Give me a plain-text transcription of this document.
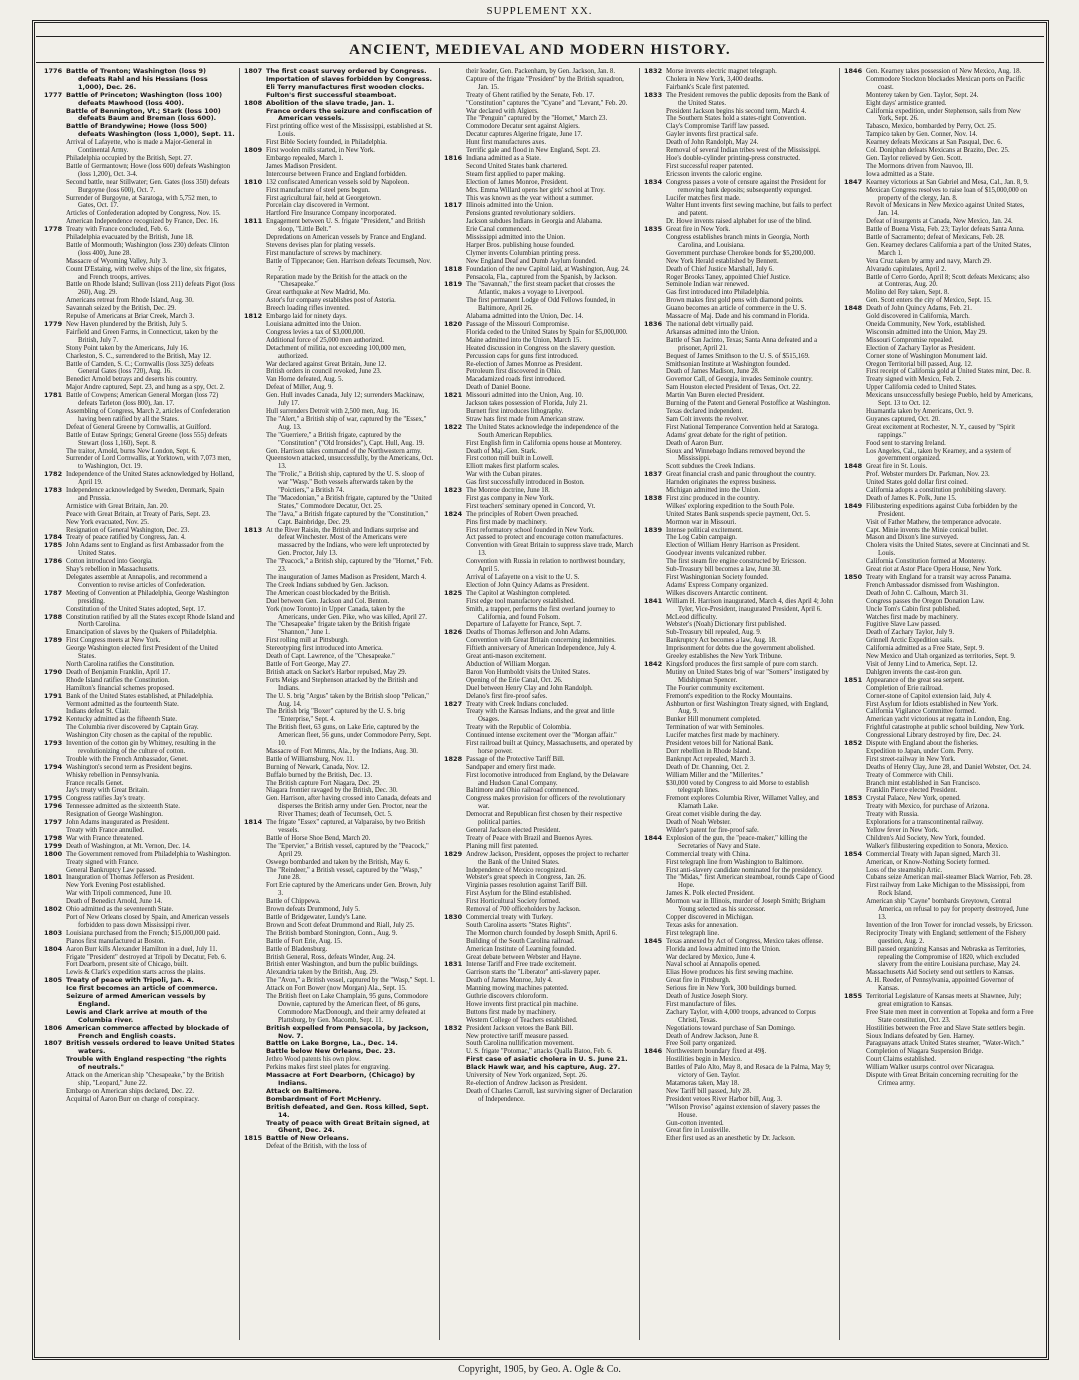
SUPPLEMENT XX.
ANCIENT, MEDIEVAL AND MODERN HISTORY.
1776 Battle of Trenton; Washington (loss 9) defeats Rahl and his Hessians (loss 1,000), Dec. 26.
1777 Battle of Princeton; Washington (loss 100) defeats Mawhood (loss 400).
Battle of Bennington, Vt.; Stark (loss 100) defeats Baum and Breman (loss 600).
Battle of Brandywine; Howe (loss 500) defeats Washington (loss 1,000), Sept. 11.
Arrival of Lafayette, who is made a Major-General in Continental Army.
Philadelphia occupied by the British, Sept. 27.
Battle of Germantown; Howe (loss 600) defeats Washington (loss 1,200), Oct. 3-4.
Second battle, near Stillwater; Gen. Gates (loss 350) defeats Burgoyne (loss 600), Oct. 7.
Surrender of Burgoyne, at Saratoga, with 5,752 men, to Gates, Oct. 17.
Articles of Confederation adopted by Congress, Nov. 15.
American Independence recognized by France, Dec. 16.
1778 Treaty with France concluded, Feb. 6.
Philadelphia evacuated by the British, June 18.
Battle of Monmouth; Washington (loss 230) defeats Clinton (loss 400), June 28.
Massacre of Wyoming Valley, July 3.
Count D'Estaing, with twelve ships of the line, six frigates, and French troops, arrives.
Battle on Rhode Island; Sullivan (loss 211) defeats Pigot (loss 260), Aug. 29.
Americans retreat from Rhode Island, Aug. 30.
Savannah seized by the British, Dec. 29.
Repulse of Americans at Briar Creek, March 3.
1779 New Haven plundered by the British, July 5.
Fairfield and Green Farms, in Connecticut, taken by the British, July 7.
Stony Point taken by the Americans, July 16.
Charleston, S. C., surrendered to the British, May 12.
Battle of Camden, S. C.; Cornwallis (loss 325) defeats General Gates (loss 720), Aug. 16.
Benedict Arnold betrays and deserts his country.
Major Andre captured, Sept. 23, and hung as a spy, Oct. 2.
1781 Battle of Cowpens; American General Morgan (loss 72) defeats Tarleton (loss 800), Jan. 17.
Assembling of Congress, March 2, articles of Confederation having been ratified by all the States.
Defeat of General Greene by Cornwallis, at Guilford.
Battle of Eutaw Springs; General Greene (loss 555) defeats Stewart (loss 1,160), Sept. 8.
The traitor, Arnold, burns New London, Sept. 6.
Surrender of Lord Cornwallis, at Yorktown, with 7,073 men, to Washington, Oct. 19.
1782 Independence of the United States acknowledged by Holland, April 19.
1783 Independence acknowledged by Sweden, Denmark, Spain and Prussia.
Armistice with Great Britain, Jan. 20.
Peace with Great Britain, at Treaty of Paris, Sept. 23.
New York evacuated, Nov. 25.
Resignation of General Washington, Dec. 23.
1784 Treaty of peace ratified by Congress, Jan. 4.
1785 John Adams sent to England as first Ambassador from the United States.
1786 Cotton introduced into Georgia.
Shay's rebellion in Massachusetts.
Delegates assemble at Annapolis, and recommend a Convention to revise articles of Confederation.
1787 Meeting of Convention at Philadelphia, George Washington presiding.
Constitution of the United States adopted, Sept. 17.
1788 Constitution ratified by all the States except Rhode Island and North Carolina.
Emancipation of slaves by the Quakers of Philadelphia.
1789 First Congress meets at New York.
George Washington elected first President of the United States.
North Carolina ratifies the Constitution.
1790 Death of Benjamin Franklin, April 17.
Rhode Island ratifies the Constitution.
Hamilton's financial schemes proposed.
1791 Bank of the United States established, at Philadelphia.
Vermont admitted as the fourteenth State.
Indians defeat St. Clair.
1792 Kentucky admitted as the fifteenth State.
The Columbia river discovered by Captain Gray.
Washington City chosen as the capital of the republic.
1793 Invention of the cotton gin by Whitney, resulting in the revolutionizing of the culture of cotton.
Trouble with the French Ambassador, Genet.
1794 Washington's second term as President begins.
Whisky rebellion in Pennsylvania.
France recalls Genet.
Jay's treaty with Great Britain.
1795 Congress ratifies Jay's treaty.
1796 Tennessee admitted as the sixteenth State.
Resignation of George Washington.
1797 John Adams inaugurated as President.
Treaty with France annulled.
1798 War with France threatened.
1799 Death of Washington, at Mt. Vernon, Dec. 14.
1800 The Government removed from Philadelphia to Washington.
Treaty signed with France.
General Bankruptcy Law passed.
1801 Inauguration of Thomas Jefferson as President.
New York Evening Post established.
War with Tripoli commenced, June 10.
Death of Benedict Arnold, June 14.
1802 Ohio admitted as the seventeenth State.
Port of New Orleans closed by Spain, and American vessels forbidden to pass down Mississippi river.
1803 Louisiana purchased from the French; $15,000,000 paid.
Pianos first manufactured at Boston.
1804 Aaron Burr kills Alexander Hamilton in a duel, July 11.
Frigate "President" destroyed at Tripoli by Decatur, Feb. 6.
Fort Dearborn, present site of Chicago, built.
Lewis & Clark's expedition starts across the plains.
1805 Treaty of peace with Tripoli, Jan. 4.
Ice first becomes an article of commerce.
Seizure of armed American vessels by England.
Lewis and Clark arrive at mouth of the Columbia river.
1806 American commerce affected by blockade of French and English coasts.
1807 British vessels ordered to leave United States waters.
Trouble with England respecting "the rights of neutrals."
Attack on the American ship "Chesapeake," by the British ship, "Leopard," June 22.
Embargo on American ships declared, Dec. 22.
Acquittal of Aaron Burr on charge of conspiracy.
1807 The first coast survey ordered by Congress.
Importation of slaves forbidden by Congress.
Eli Terry manufactures first wooden clocks.
Fulton's first successful steamboat.
1808 Abolition of the slave trade, Jan. 1.
France orders the seizure and confiscation of American vessels.
First printing office west of the Mississippi, established at St. Louis.
First Bible Society founded, in Philadelphia.
1809 First woolen mills started, in New York.
Embargo repealed, March 1.
James Madison President.
Intercourse between France and England forbidden.
1810 132 confiscated American vessels sold by Napoleon.
First manufacture of steel pens begun.
First agricultural fair, held at Georgetown.
Porcelain clay discovered in Vermont.
Hartford Fire Insurance Company incorporated.
1811 Engagement between U. S. frigate "President," and British sloop, "Little Belt."
Depredations on American vessels by France and England.
Stevens devises plan for plating vessels.
First manufacture of screws by machinery.
Battle of Tippecanoe; Gen. Harrison defeats Tecumseh, Nov. 7.
Reparation made by the British for the attack on the "Chesapeake."
Great earthquake at New Madrid, Mo.
Astor's fur company establishes post of Astoria.
Breech loading rifles invented.
1812 Embargo laid for ninety days.
Louisiana admitted into the Union.
Congress levies a tax of $3,000,000.
Additional force of 25,000 men authorized.
Detachment of militia, not exceeding 100,000 men, authorized.
War declared against Great Britain, June 12.
British orders in council revoked, June 23.
Van Horne defeated, Aug. 5.
Defeat of Miller, Aug. 9.
Gen. Hull invades Canada, July 12; surrenders Mackinaw, July 17.
Hull surrenders Detroit with 2,500 men, Aug. 16.
The "Alert," a British ship of war, captured by the "Essex," Aug. 13.
The "Guerriere," a British frigate, captured by the "Constitution" ("Old Ironsides"), Capt. Hull, Aug. 19.
Gen. Harrison takes command of the Northwestern army.
Queenstown attacked, unsuccessfully, by the Americans, Oct. 13.
The "Frolic," a British ship, captured by the U. S. sloop of war "Wasp." Both vessels afterwards taken by the "Poictiers," a British 74.
The "Macedonian," a British frigate, captured by the "United States," Commodore Decatur, Oct. 25.
The "Java," a British frigate captured by the "Constitution," Capt. Bainbridge, Dec. 29.
1813 At the River Raisin, the British and Indians surprise and defeat Winchester. Most of the Americans were massacred by the Indians, who were left unprotected by Gen. Proctor, July 13.
The "Peacock," a British ship, captured by the "Hornet," Feb. 23.
The inauguration of James Madison as President, March 4.
The Creek Indians subdued by Gen. Jackson.
The American coast blockaded by the British.
Duel between Gen. Jackson and Col. Benton.
York (now Toronto) in Upper Canada, taken by the Americans, under Gen. Pike, who was killed, April 27.
The "Chesapeake" frigate taken by the British frigate "Shannon," June 1.
First rolling mill at Pittsburgh.
Stereotyping first introduced into America.
Death of Capt. Lawrence, of the "Chesapeake."
Battle of Fort George, May 27.
British attack on Sacket's Harbor repulsed, May 29.
Forts Meigs and Stephenson attacked by the British and Indians.
The U. S. brig "Argus" taken by the British sloop "Pelican," Aug. 14.
The British brig "Boxer" captured by the U. S. brig "Enterprise," Sept. 4.
The British fleet, 63 guns, on Lake Erie, captured by the American fleet, 56 guns, under Commodore Perry, Sept. 10.
Massacre of Fort Mimms, Ala., by the Indians, Aug. 30.
Battle of Williamsburg, Nov. 11.
Burning of Newark, Canada, Nov. 12.
Buffalo burned by the British, Dec. 13.
The British capture Fort Niagara, Dec. 29.
Niagara frontier ravaged by the British, Dec. 30.
Gen. Harrison, after having crossed into Canada, defeats and disperses the British army under Gen. Proctor, near the River Thames; death of Tecumseh, Oct. 5.
1814 The frigate "Essex" captured, at Valparaiso, by two British vessels.
Battle of Horse Shoe Bend, March 20.
The "Epervier," a British vessel, captured by the "Peacock," April 29.
Oswego bombarded and taken by the British, May 6.
The "Reindeer," a British vessel, captured by the "Wasp," June 28.
Fort Erie captured by the Americans under Gen. Brown, July 3.
Battle of Chippewa.
Brown defeats Drummond, July 5.
Battle of Bridgewater, Lundy's Lane.
Brown and Scott defeat Drummond and Riall, July 25.
The British bombard Stonington, Conn., Aug. 9.
Battle of Fort Erie, Aug. 15.
Battle of Bladensburg.
British General, Ross, defeats Winder, Aug. 24.
British enter Washington, and burn the public buildings.
Alexandria taken by the British, Aug. 29.
The "Avon," a British vessel, captured by the "Wasp," Sept. 1.
Attack on Fort Bower (now Morgan) Ala., Sept. 15.
The British fleet on Lake Champlain, 95 guns, Commodore Downie, captured by the American fleet, of 86 guns, Commodore MacDonough, and their army defeated at Plattsburg, by Gen. Macomb, Sept. 11.
British expelled from Pensacola, by Jackson, Nov. 7.
Battle on Lake Borgne, La., Dec. 14.
Battle below New Orleans, Dec. 23.
Jethro Wood patents his own plow.
Perkins makes first steel plates for engraving.
Massacre at Fort Dearborn, (Chicago) by Indians.
Attack on Baltimore.
Bombardment of Fort McHenry.
British defeated, and Gen. Ross killed, Sept. 14.
Treaty of peace with Great Britain signed, at Ghent, Dec. 24.
1815 Battle of New Orleans.
Defeat of the British, with the loss of
their leader, Gen. Packenham, by Gen. Jackson, Jan. 8.
Capture of the frigate "President" by the British squadron, Jan. 15.
Treaty of Ghent ratified by the Senate, Feb. 17.
"Constitution" captures the "Cyane" and "Levant," Feb. 20.
War declared with Algiers.
The "Penguin" captured by the "Hornet," March 23.
Commodore Decatur sent against Algiers.
Decatur captures Algerine frigate, June 17.
Hunt first manufactures axes.
Terrific gale and flood in New England, Sept. 23.
1816 Indiana admitted as a State.
Second United States bank chartered.
Steam first applied to paper making.
Election of James Monroe, President.
Mrs. Emma Willard opens her girls' school at Troy.
This was known as the year without a summer.
1817 Illinois admitted into the Union.
Pensions granted revolutionary soldiers.
Jackson subdues Indians in Georgia and Alabama.
Erie Canal commenced.
Mississippi admitted into the Union.
Harper Bros. publishing house founded.
Clymer invents Columbian printing press.
New England Deaf and Dumb Asylum founded.
1818 Foundation of the new Capitol laid, at Washington, Aug. 24.
Pensacola, Fla., captured from the Spanish, by Jackson.
1819 The "Savannah," the first steam packet that crosses the Atlantic, makes a voyage to Liverpool.
The first permanent Lodge of Odd Fellows founded, in Baltimore, April 26.
Alabama admitted into the Union, Dec. 14.
1820 Passage of the Missouri Compromise.
Florida ceded to the United States by Spain for $5,000,000.
Maine admitted into the Union, March 15.
Heated discussion in Congress on the slavery question.
Percussion caps for guns first introduced.
Re-election of James Monroe as President.
Petroleum first discovered in Ohio.
Macadamized roads first introduced.
Death of Daniel Boone.
1821 Missouri admitted into the Union, Aug. 10.
Jackson takes possession of Florida, July 21.
Burnett first introduces lithography.
Straw hats first made from American straw.
1822 The United States acknowledge the independence of the South American Republics.
First English firm in California opens house at Monterey.
Death of Maj.-Gen. Stark.
First cotton mill built in Lowell.
Elliott makes first platform scales.
War with the Cuban pirates.
Gas first successfully introduced in Boston.
1823 The Monroe doctrine, June 18.
First gas company in New York.
First teachers' seminary opened in Concord, Vt.
1824 The principles of Robert Owen preached.
Pins first made by machinery.
First reformatory school founded in New York.
Act passed to protect and encourage cotton manufactures.
Convention with Great Britain to suppress slave trade, March 13.
Convention with Russia in relation to northwest boundary, April 5.
Arrival of Lafayette on a visit to the U. S.
Election of John Quincy Adams as President.
1825 The Capitol at Washington completed.
First edge tool manufactory established.
Smith, a trapper, performs the first overland journey to California, and found Folsom.
Departure of Lafayette for France, Sept. 7.
1826 Deaths of Thomas Jefferson and John Adams.
Convention with Great Britain concerning indemnities.
Fiftieth anniversary of American Independence, July 4.
Great anti-mason excitement.
Abduction of William Morgan.
Baron Von Humboldt visits the United States.
Opening of the Erie Canal, Oct. 26.
Duel between Henry Clay and John Randolph.
Delano's first fire-proof safes.
1827 Treaty with Creek Indians concluded.
Treaty with the Kansas Indians, and the great and little Osages.
Treaty with the Republic of Colombia.
Continued intense excitement over the "Morgan affair."
First railroad built at Quincy, Massachusetts, and operated by horse power.
1828 Passage of the Protective Tariff Bill.
Sandpaper and emery first made.
First locomotive introduced from England, by the Delaware and Hudson Canal Company.
Baltimore and Ohio railroad commenced.
Congress makes provision for officers of the revolutionary war.
Democrat and Republican first chosen by their respective political parties.
General Jackson elected President.
Treaty of Peace with Brazil and Buenos Ayres.
Planing mill first patented.
1829 Andrew Jackson, President, opposes the project to recharter the Bank of the United States.
Independence of Mexico recognized.
Webster's great speech in Congress, Jan. 26.
Virginia passes resolution against Tariff Bill.
First Asylum for the Blind established.
First Horticultural Society formed.
Removal of 700 officeholders by Jackson.
1830 Commercial treaty with Turkey.
South Carolina asserts "States Rights".
The Mormon church founded by Joseph Smith, April 6.
Building of the South Carolina railroad.
American Institute of Learning founded.
Great debate between Webster and Hayne.
1831 Intense Tariff and Free trade excitement.
Garrison starts the "Liberator" anti-slavery paper.
Death of James Monroe, July 4.
Manning mowing machines patented.
Guthrie discovers chloroform.
Howe invents first practical pin machine.
Buttons first made by machinery.
Western College of Teachers established.
1832 President Jackson vetoes the Bank Bill.
New protective tariff measure passed.
South Carolina nullification movement.
U. S. frigate "Potomac," attacks Qualla Batoo, Feb. 6.
First case of asiatic cholera in U. S. June 21.
Black Hawk war, and his capture, Aug. 27.
University of New York organized, Sept. 26.
Re-election of Andrew Jackson as President.
Death of Charles Carroll, last surviving signer of Declaration of Independence.
1832 Morse invents electric magnet telegraph.
Cholera in New York, 3,400 deaths.
Fairbank's Scale first patented.
1833 The President removes the public deposits from the Bank of the United States.
President Jackson begins his second term, March 4.
The Southern States hold a states-right Convention.
Clay's Compromise Tariff law passed.
Gayler invents first practical safe.
Death of John Randolph, May 24.
Removal of several Indian tribes west of the Mississippi.
Hoe's double-cylinder printing-press constructed.
First successful reaper patented.
Ericsson invents the caloric engine.
1834 Congress passes a vote of censure against the President for removing bank deposits; subsequently expunged.
Lucifer matches first made.
Walter Hunt invents first sewing machine, but fails to perfect and patent.
Dr. Howe invents raised alphabet for use of the blind.
1835 Great fire in New York.
Congress establishes branch mints in Georgia, North Carolina, and Louisiana.
Government purchase Cherokee bonds for $5,200,000.
New York Herald established by Bennett.
Death of Chief Justice Marshall, July 6.
Roger Brooks Taney, appointed Chief Justice.
Seminole Indian war renewed.
Gas first introduced into Philadelphia.
Brown makes first gold pens with diamond points.
Guano becomes an article of commerce in the U. S.
Massacre of Maj. Dade and his command in Florida.
1836 The national debt virtually paid.
Arkansas admitted into the Union.
Battle of San Jacinto, Texas; Santa Anna defeated and a prisoner, April 21.
Bequest of James Smithson to the U. S. of $515,169.
Smithsonian Institute at Washington founded.
Death of James Madison, June 28.
Governor Call, of Georgia, invades Seminole country.
Sam Houston elected President of Texas, Oct. 22.
Martin Van Buren elected President.
Burning of the Patent and General Postoffice at Washington.
Texas declared independent.
Sam Colt invents the revolver.
First National Temperance Convention held at Saratoga.
Adams' great debate for the right of petition.
Death of Aaron Burr.
Sioux and Winnebago Indians removed beyond the Mississippi.
Scott subdues the Creek Indians.
1837 Great financial crash and panic throughout the country.
Harnden originates the express business.
Michigan admitted into the Union.
1838 First zinc produced in the country.
Wilkes' exploring expedition to the South Pole.
United States Bank suspends specie payment, Oct. 5.
Mormon war in Missouri.
1839 Intense political excitement.
The Log Cabin campaign.
Election of William Henry Harrison as President.
Goodyear invents vulcanized rubber.
The first steam fire engine constructed by Ericsson.
Sub-Treasury bill becomes a law, June 30.
First Washingtonian Society founded.
Adams' Express Company organized.
Wilkes discovers Antarctic continent.
1841 William H. Harrison inaugurated, March 4, dies April 4; John Tyler, Vice-President, inaugurated President, April 6.
McLeod difficulty.
Webster's (Noah) Dictionary first published.
Sub-Treasury bill repealed, Aug. 9.
Bankruptcy Act becomes a law, Aug. 18.
Imprisonment for debts due the government abolished.
Greeley establishes the New York Tribune.
1842 Kingsford produces the first sample of pure corn starch.
Mutiny on United States brig of war "Somers" instigated by Midshipman Spencer.
The Fourier community excitement.
Fremont's expedition to the Rocky Mountains.
Ashburton or first Washington Treaty signed, with England, Aug. 9.
Bunker Hill monument completed.
Termination of war with Seminoles.
Lucifer matches first made by machinery.
President vetoes bill for National Bank.
Dorr rebellion in Rhode Island.
Bankrupt Act repealed, March 3.
Death of Dr. Channing, Oct. 2.
William Miller and the "Millerites."
$30,000 voted by Congress to aid Morse to establish telegraph lines.
Fremont explores Columbia River, Willamet Valley, and Klamath Lake.
Great comet visible during the day.
Death of Noah Webster.
Wilder's patent for fire-proof safe.
1844 Explosion of the gun, the "peace-maker," killing the Secretaries of Navy and State.
Commercial treaty with China.
First telegraph line from Washington to Baltimore.
First anti-slavery candidate nominated for the presidency.
The "Midas," first American steamboat, rounds Cape of Good Hope.
James K. Polk elected President.
Mormon war in Illinois, murder of Joseph Smith; Brigham Young selected as his successor.
Copper discovered in Michigan.
Texas asks for annexation.
First telegraph line.
1845 Texas annexed by Act of Congress, Mexico takes offense.
Florida and Iowa admitted into the Union.
War declared by Mexico, June 4.
Naval school at Annapolis opened.
Elias Howe produces his first sewing machine.
Great fire in Pittsburgh.
Serious fire in New York, 300 buildings burned.
Death of Justice Joseph Story.
First manufacture of files.
Zachary Taylor, with 4,000 troops, advanced to Corpus Christi, Texas.
Negotiations toward purchase of San Domingo.
Death of Andrew Jackson, June 8.
Free Soil party organized.
1846 Northwestern boundary fixed at 49§.
Hostilities begin in Mexico.
Battles of Palo Alto, May 8, and Resaca de la Palma, May 9; victory of Gen. Taylor.
Matamoras taken, May 18.
New Tariff bill passed, July 28.
President vetoes River Harbor bill, Aug. 3.
"Wilson Proviso" against extension of slavery passes the House.
Gun-cotton invented.
Great fire in Louisville.
Ether first used as an anesthetic by Dr. Jackson.
1846 Gen. Kearney takes possession of New Mexico, Aug. 18.
Commodore Stockton blockades Mexican ports on Pacific coast.
Monterey taken by Gen. Taylor, Sept. 24.
Eight days' armistice granted.
California expedition, under Stephenson, sails from New York, Sept. 26.
Tabasco, Mexico, bombarded by Perry, Oct. 25.
Tampico taken by Gen. Conner, Nov. 14.
Kearney defeats Mexicans at San Pasqual, Dec. 6.
Col. Doniphan defeats Mexicans at Brazito, Dec. 25.
Gen. Taylor relieved by Gen. Scott.
The Mormons driven from Nauvoo, Ill.
Iowa admitted as a State.
1847 Kearney victorious at San Gabriel and Mesa, Cal., Jan. 8, 9.
Mexican Congress resolves to raise loan of $15,000,000 on property of the clergy, Jan. 8.
Revolt of Mexicans in New Mexico against United States, Jan. 14.
Defeat of insurgents at Canada, New Mexico, Jan. 24.
Battle of Buena Vista, Feb. 23; Taylor defeats Santa Anna.
Battle of Sacramento; defeat of Mexicans, Feb. 28.
Gen. Kearney declares California a part of the United States, March 1.
Vera Cruz taken by army and navy, March 29.
Alvarado capitulates, April 2.
Battle of Cerro Gordo, April 8; Scott defeats Mexicans; also at Contreras, Aug. 20.
Molino del Rey taken, Sept. 8.
Gen. Scott enters the city of Mexico, Sept. 15.
1848 Death of John Quincy Adams, Feb. 21.
Gold discovered in California, March.
Oneida Community, New York, established.
Wisconsin admitted into the Union, May 29.
Missouri Compromise repealed.
Election of Zachary Taylor as President.
Corner stone of Washington Monument laid.
Oregon Territorial bill passed, Aug. 12.
First receipt of California gold at United States mint, Dec. 8.
Treaty signed with Mexico, Feb. 2.
Upper California ceded to United States.
Mexicans unsuccessfully besiege Pueblo, held by Americans, Sept. 13 to Oct. 12.
Huamantla taken by Americans, Oct. 9.
Guyanes captured, Oct. 20.
Great excitement at Rochester, N. Y., caused by "Spirit rappings."
Food sent to starving Ireland.
Los Angeles, Cal., taken by Kearney, and a system of government organized.
1848 Great fire in St. Louis.
Prof. Webster murders Dr. Parkman, Nov. 23.
United States gold dollar first coined.
California adopts a constitution prohibiting slavery.
Death of James K. Polk, June 15.
1849 Filibustering expeditions against Cuba forbidden by the President.
Visit of Father Mathew, the temperance advocate.
Capt. Minie invents the Minie conical bullet.
Mason and Dixon's line surveyed.
Cholera visits the United States, severe at Cincinnati and St. Louis.
California Constitution formed at Monterey.
Great riot at Astor Place Opera House, New York.
1850 Treaty with England for a transit way across Panama.
French Ambassador dismissed from Washington.
Death of John C. Calhoun, March 31.
Congress passes the Oregon Donation Law.
Uncle Tom's Cabin first published.
Watches first made by machinery.
Fugitive Slave Law passed.
Death of Zachary Taylor, July 9.
Grinnell Arctic Expedition sails.
California admitted as a Free State, Sept. 9.
New Mexico and Utah organized as territories, Sept. 9.
Visit of Jenny Lind to America, Sept. 12.
Dahlgren invents the cast-iron gun.
1851 Appearance of the great sea serpent.
Completion of Erie railroad.
Corner-stone of Capitol extension laid, July 4.
First Asylum for Idiots established in New York.
California Vigilance Committee formed.
American yacht victorious at regatta in London, Eng.
Frightful catastrophe at public school building, New York.
Congressional Library destroyed by fire, Dec. 24.
1852 Dispute with England about the fisheries.
Expedition to Japan, under Com. Perry.
First street-railway in New York.
Deaths of Henry Clay, June 28, and Daniel Webster, Oct. 24.
Treaty of Commerce with Chili.
Branch mint established in San Francisco.
Franklin Pierce elected President.
1853 Crystal Palace, New York, opened.
Treaty with Mexico, for purchase of Arizona.
Treaty with Russia.
Explorations for a transcontinental railway.
Yellow fever in New York.
Children's Aid Society, New York, founded.
Walker's filibustering expedition to Sonora, Mexico.
1854 Commercial Treaty with Japan signed, March 31.
American, or Know-Nothing Society formed.
Loss of the steamship Artic.
Cubans seize American mail-steamer Black Warrior, Feb. 28.
First railway from Lake Michigan to the Mississippi, from Rock Island.
American ship "Cayne" bombards Greytown, Central America, on refusal to pay for property destroyed, June 13.
Invention of the Iron Tower for ironclad vessels, by Ericsson.
Reciprocity Treaty with England; settlement of the Fishery question, Aug. 2.
Bill passed organizing Kansas and Nebraska as Territories, repealing the Compromise of 1820, which excluded slavery from the entire Louisiana purchase, May 24.
Massachusetts Aid Society send out settlers to Kansas.
A. H. Reeder, of Pennsylvania, appointed Governor of Kansas.
1855 Territorial Legislature of Kansas meets at Shawnee, July; great emigration to Kansas.
Free State men meet in convention at Topeka and form a Free State constitution, Oct. 23.
Hostilities between the Free and Slave State settlers begin.
Sioux Indians defeated by Gen. Harney.
Paraguayans attack United States steamer, "Water-Witch."
Completion of Niagara Suspension Bridge.
Court Claims established.
William Walker usurps control over Nicaragua.
Dispute with Great Britain concerning recruiting for the Crimea army.
Copyright, 1905, by Geo. A. Ogle & Co.
